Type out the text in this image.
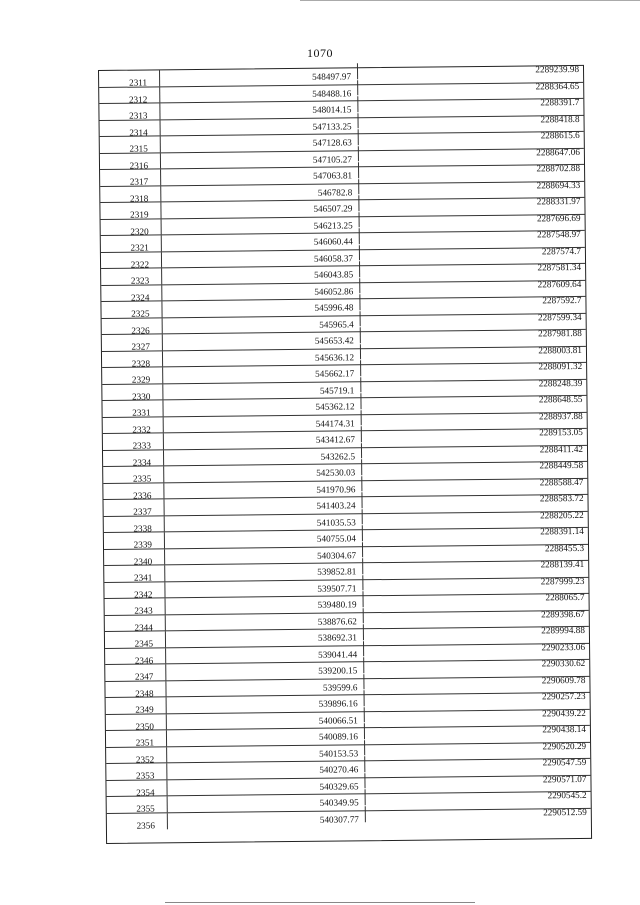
1070
2311
548497.97
2289239.98
2312
548488.16
2288364.65
2313
548014.15
2288391.7
2314
547133.25
2288418.8
2315
547128.63
2288615.6
2316
547105.27
2288647.06
2317
547063.81
2288702.88
2318
546782.8
2288694.33
2319
546507.29
2288331.97
2320
546213.25
2287696.69
2321
546060.44
2287548.97
2322
546058.37
2287574.7
2323
546043.85
2287581.34
2324
546052.86
2287609.64
2325
545996.48
2287592.7
2326
545965.4
2287599.34
2327
545653.42
2287981.88
2328
545636.12
2288003.81
2329
545662.17
2288091.32
2330
545719.1
2288248.39
2331
545362.12
2288648.55
2332
544174.31
2288937.88
2333
543412.67
2289153.05
2334
543262.5
2288411.42
2335
542530.03
2288449.58
2336
541970.96
2288588.47
2337
541403.24
2288583.72
2338
541035.53
2288205.22
2339
540755.04
2288391.14
2340
540304.67
2288455.3
2341
539852.81
2288139.41
2342
539507.71
2287999.23
2343
539480.19
2288065.7
2344
538876.62
2289398.67
2345
538692.31
2289994.88
2346
539041.44
2290233.06
2347
539200.15
2290330.62
2348
539599.6
2290609.78
2349
539896.16
2290257.23
2350
540066.51
2290439.22
2351
540089.16
2290438.14
2352
540153.53
2290520.29
2353
540270.46
2290547.59
2354
540329.65
2290571.07
2355
540349.95
2290545.2
2356
540307.77
2290512.59
